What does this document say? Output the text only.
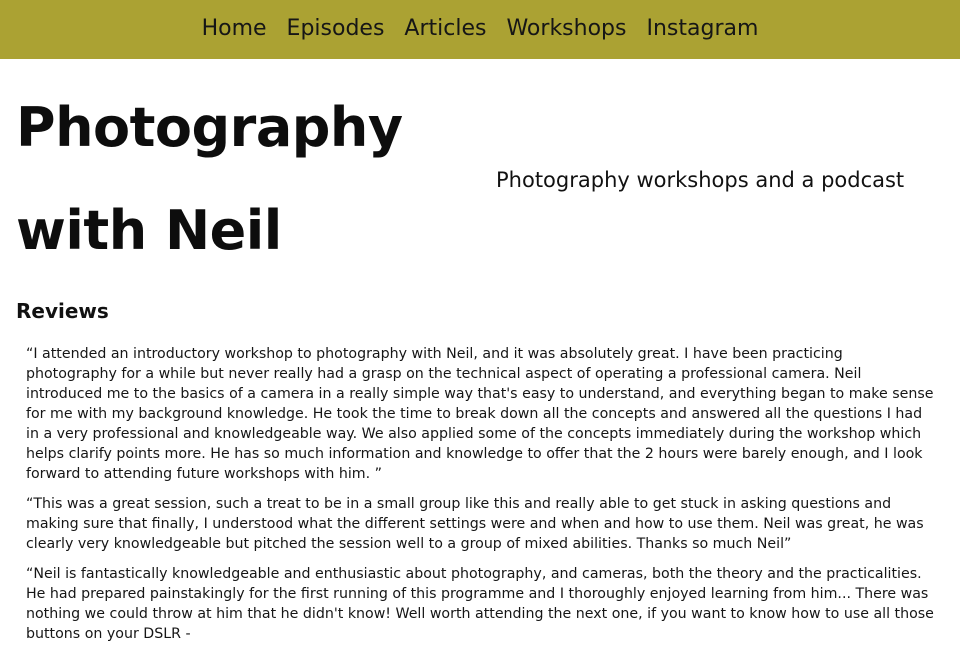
Home Episodes Articles Workshops Instagram
Photography with Neil

Photography workshops and a podcast

Reviews
“I attended an introductory workshop to photography with Neil, and it was absolutely great. I have been practicing photography for a while but never really had a grasp on the technical aspect of operating a professional camera. Neil introduced me to the basics of a camera in a really simple way that's easy to understand, and everything began to make sense for me with my background knowledge. He took the time to break down all the concepts and answered all the questions I had in a very professional and knowledgeable way. We also applied some of the concepts immediately during the workshop which helps clarify points more. He has so much information and knowledge to offer that the 2 hours were barely enough, and I look forward to attending future workshops with him. ”
“This was a great session, such a treat to be in a small group like this and really able to get stuck in asking questions and making sure that finally, I understood what the different settings were and when and how to use them. Neil was great, he was clearly very knowledgeable but pitched the session well to a group of mixed abilities. Thanks so much Neil”
“Neil is fantastically knowledgeable and enthusiastic about photography, and cameras, both the theory and the practicalities. He had prepared painstakingly for the first running of this programme and I thoroughly enjoyed learning from him... There was nothing we could throw at him that he didn't know! Well worth attending the next one, if you want to know how to use all those buttons on your DSLR -
